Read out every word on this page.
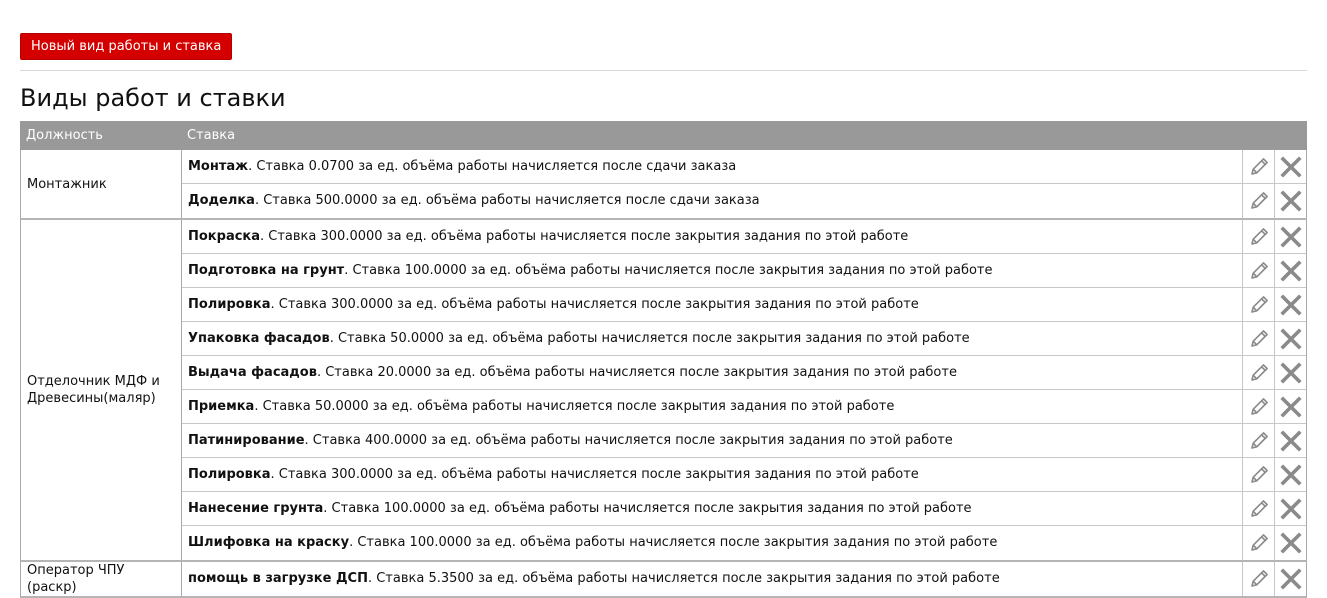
Новый вид работы и ставка
Виды работ и ставки
Должность	Ставка
Монтажник
Монтаж. Ставка 0.0700 за ед. объёма работы начисляется после сдачи заказа
Доделка. Ставка 500.0000 за ед. объёма работы начисляется после сдачи заказа
Отделочник МДФ и Древесины(маляр)
Покраска. Ставка 300.0000 за ед. объёма работы начисляется после закрытия задания по этой работе
Подготовка на грунт. Ставка 100.0000 за ед. объёма работы начисляется после закрытия задания по этой работе
Полировка. Ставка 300.0000 за ед. объёма работы начисляется после закрытия задания по этой работе
Упаковка фасадов. Ставка 50.0000 за ед. объёма работы начисляется после закрытия задания по этой работе
Выдача фасадов. Ставка 20.0000 за ед. объёма работы начисляется после закрытия задания по этой работе
Приемка. Ставка 50.0000 за ед. объёма работы начисляется после закрытия задания по этой работе
Патинирование. Ставка 400.0000 за ед. объёма работы начисляется после закрытия задания по этой работе
Полировка. Ставка 300.0000 за ед. объёма работы начисляется после закрытия задания по этой работе
Нанесение грунта. Ставка 100.0000 за ед. объёма работы начисляется после закрытия задания по этой работе
Шлифовка на краску. Ставка 100.0000 за ед. объёма работы начисляется после закрытия задания по этой работе
Оператор ЧПУ (раскр)
помощь в загрузке ДСП. Ставка 5.3500 за ед. объёма работы начисляется после закрытия задания по этой работе
